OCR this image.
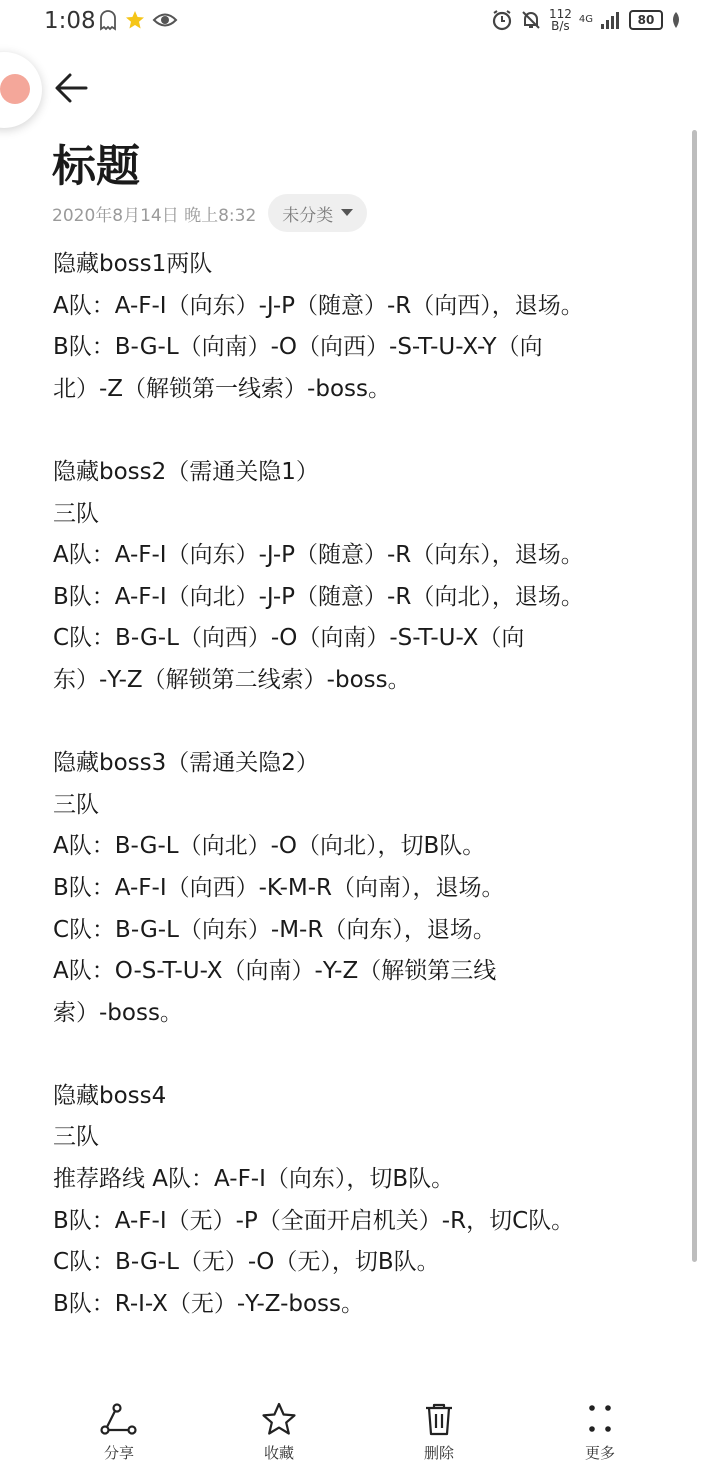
1:08	112
B/s 4G	80
标题
2020年8月14日 晚上8:32 未分类
隐藏boss1两队
A队：A-F-I（向东）-J-P（随意）-R（向西），退场。
B队：B-G-L（向南）-O（向西）-S-T-U-X-Y（向
北）-Z（解锁第一线索）-boss。
隐藏boss2（需通关隐1）
三队
A队：A-F-I（向东）-J-P（随意）-R（向东），退场。
B队：A-F-I（向北）-J-P（随意）-R（向北），退场。
C队：B-G-L（向西）-O（向南）-S-T-U-X（向
东）-Y-Z（解锁第二线索）-boss。
隐藏boss3（需通关隐2）
三队
A队：B-G-L（向北）-O（向北），切B队。
B队：A-F-I（向西）-K-M-R（向南），退场。
C队：B-G-L（向东）-M-R（向东），退场。
A队：O-S-T-U-X（向南）-Y-Z（解锁第三线
索）-boss。
隐藏boss4
三队
推荐路线 A队：A-F-I（向东），切B队。
B队：A-F-I（无）-P（全面开启机关）-R，切C队。
C队：B-G-L（无）-O（无），切B队。
B队：R-I-X（无）-Y-Z-boss。
分享	收藏	删除	更多
